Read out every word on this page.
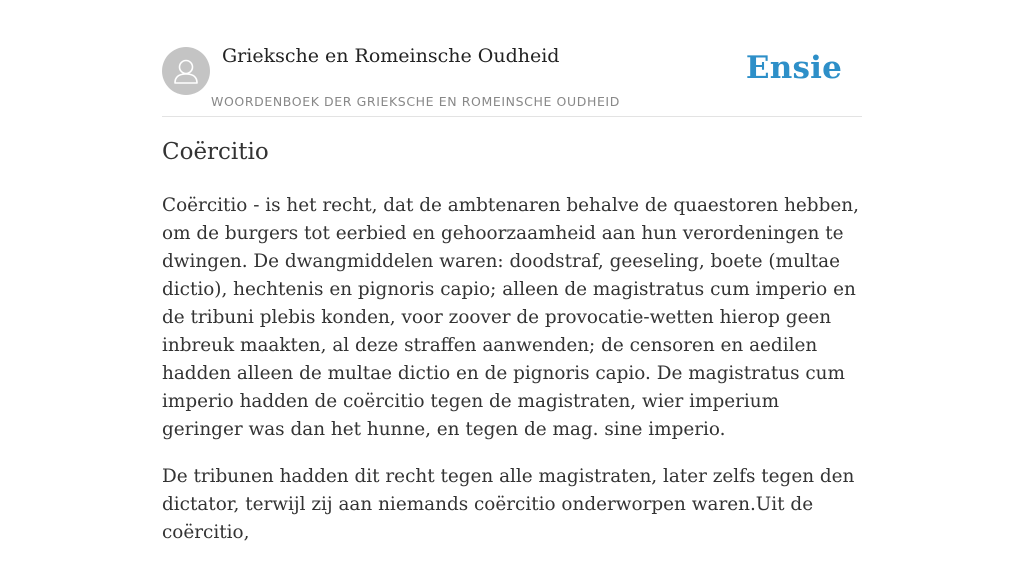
Grieksche en Romeinsche Oudheid
WOORDENBOEK DER GRIEKSCHE EN ROMEINSCHE OUDHEID
Ensie
Coërcitio

Coërcitio - is het recht, dat de ambtenaren behalve de quaestoren hebben, om de burgers tot eerbied en gehoorzaamheid aan hun verordeningen te dwingen. De dwangmiddelen waren: doodstraf, geeseling, boete (multae dictio), hechtenis en pignoris capio; alleen de magistratus cum imperio en de tribuni plebis konden, voor zoover de provocatie-wetten hierop geen inbreuk maakten, al deze straffen aanwenden; de censoren en aedilen hadden alleen de multae dictio en de pignoris capio. De magistratus cum imperio hadden de coërcitio tegen de magistraten, wier imperium geringer was dan het hunne, en tegen de mag. sine imperio.

De tribunen hadden dit recht tegen alle magistraten, later zelfs tegen den dictator, terwijl zij aan niemands coërcitio onderworpen waren.Uit de coërcitio,
